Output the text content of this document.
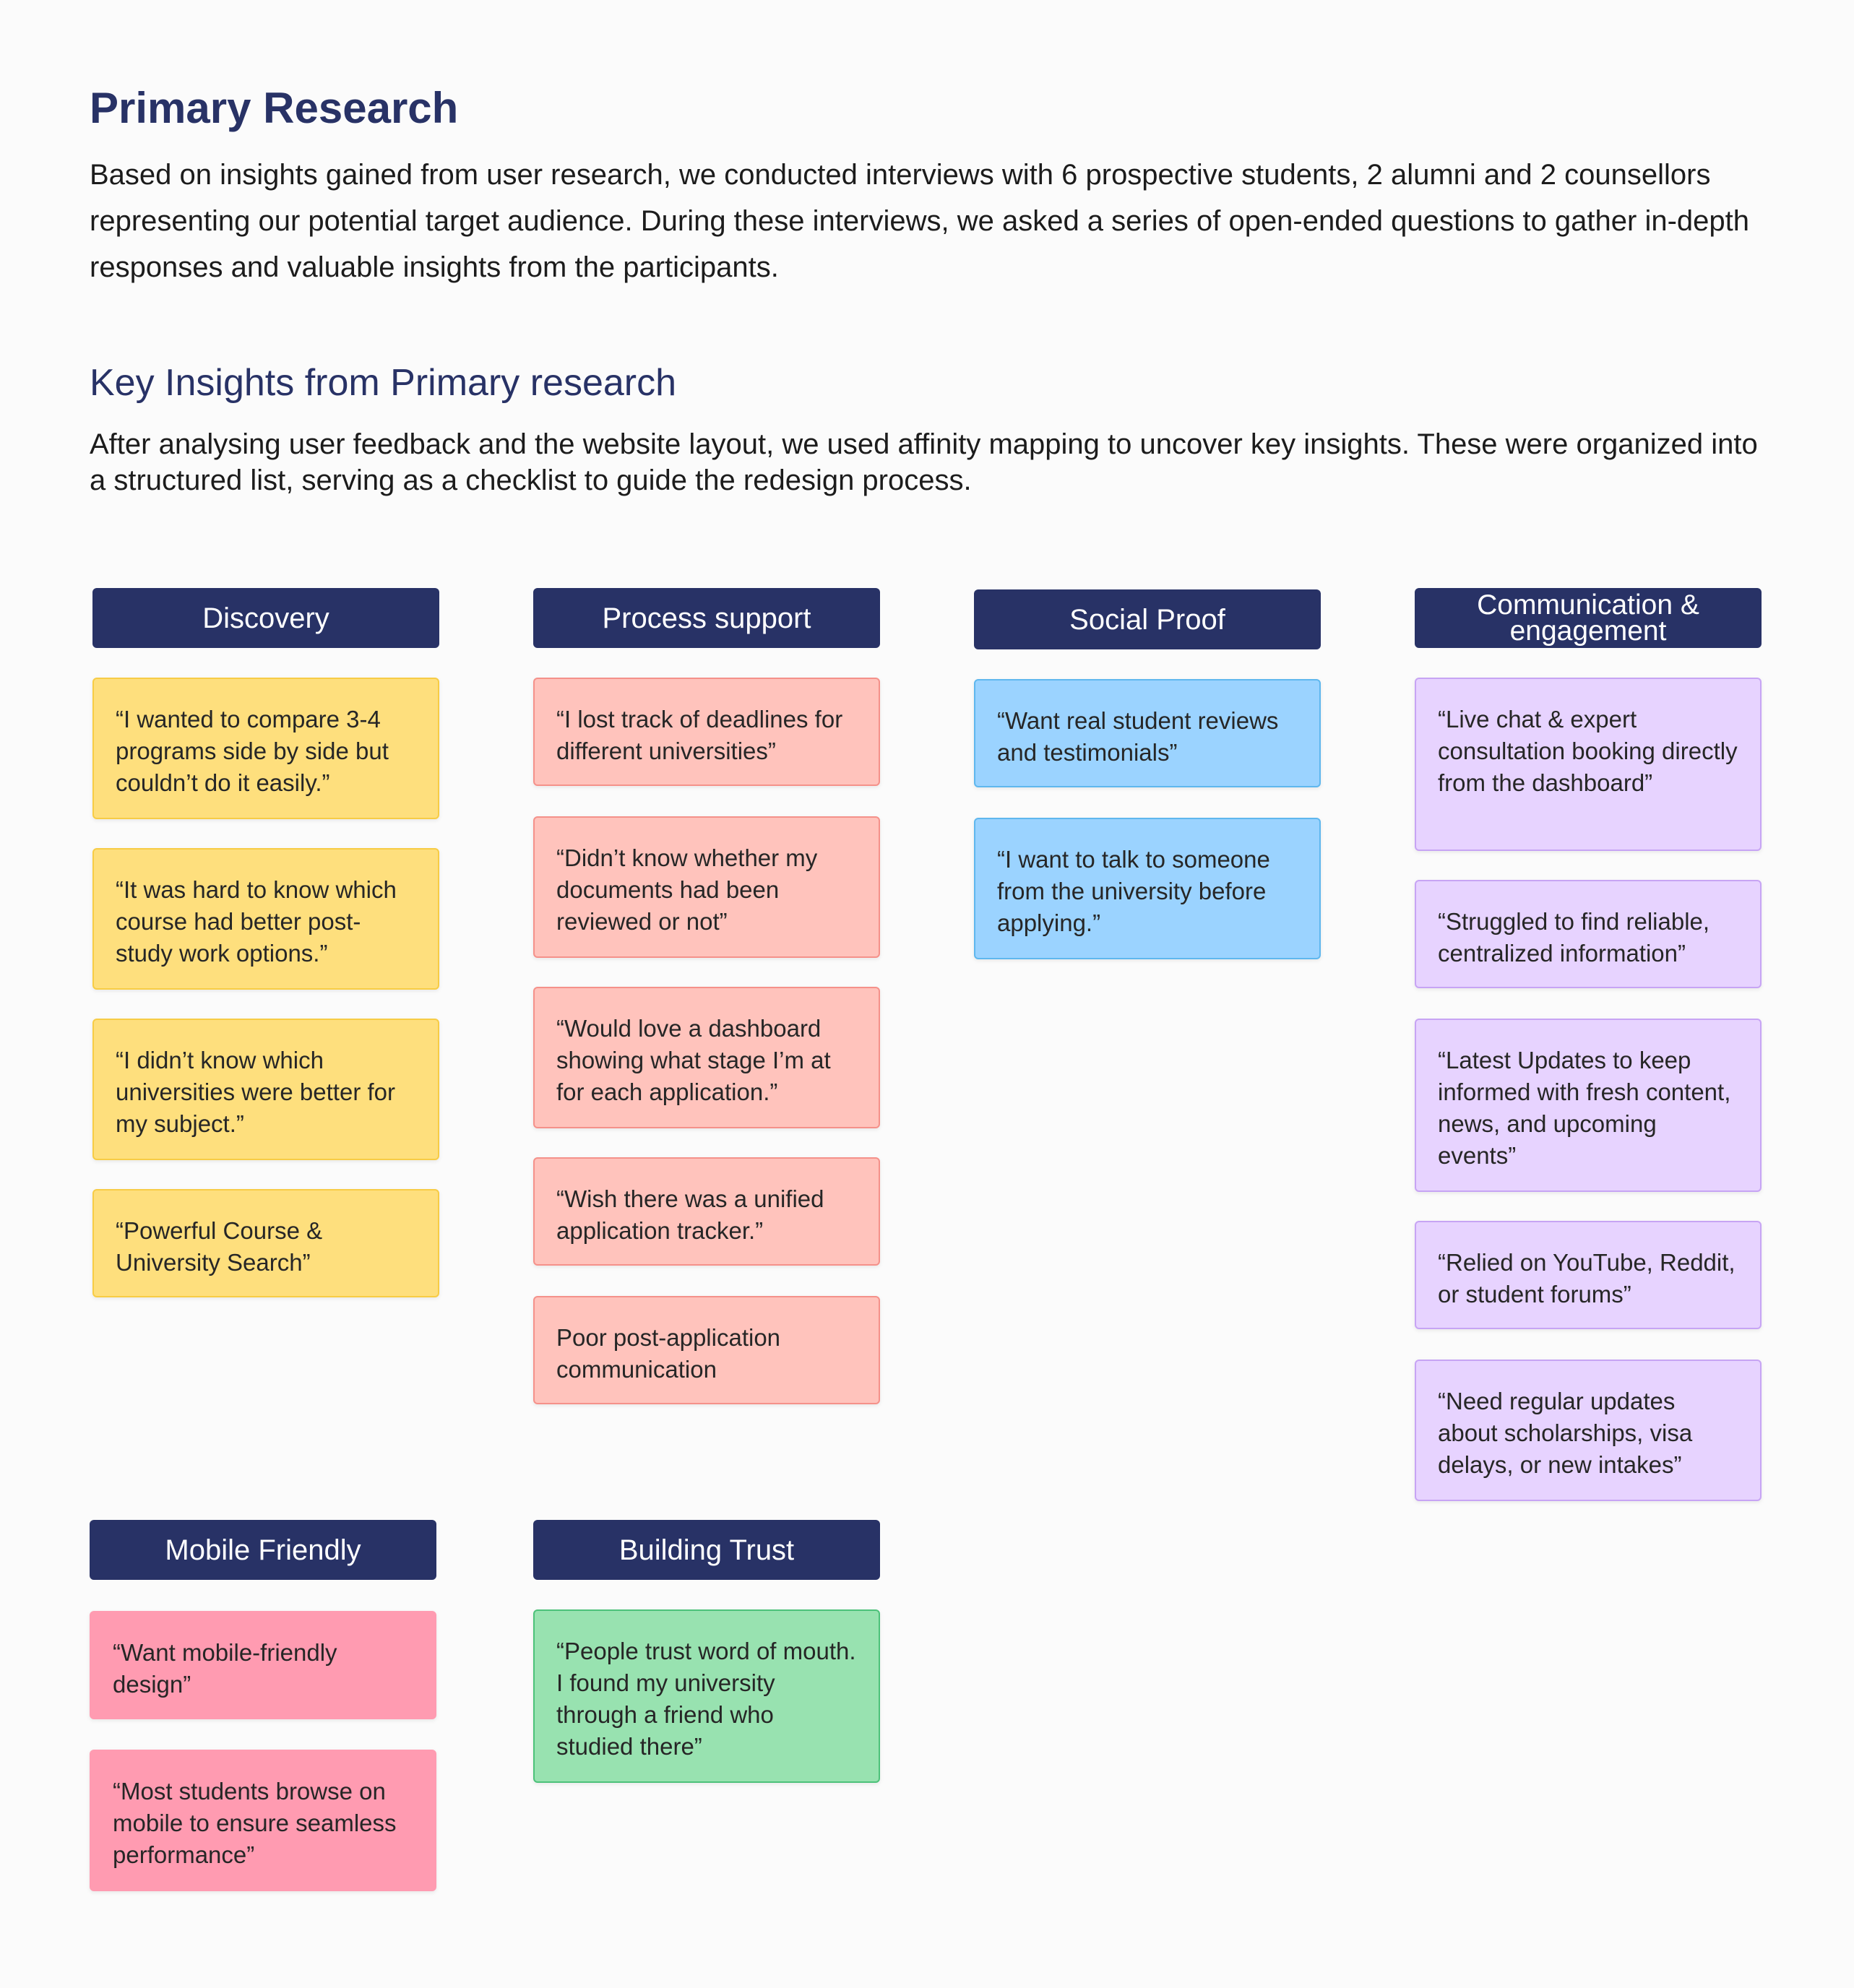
Primary Research
Based on insights gained from user research, we conducted interviews with 6 prospective students, 2 alumni and 2 counsellors representing our potential target audience. During these interviews, we asked a series of open-ended questions to gather in-depth responses and valuable insights from the participants.
Key Insights from Primary research
After analysing user feedback and the website layout, we used affinity mapping to uncover key insights. These were organized into a structured list, serving as a checklist to guide the redesign process.
Discovery
“I wanted to compare 3-4 programs side by side but couldn’t do it easily.”
“It was hard to know which course had better post-study work options.”
“I didn’t know which universities were better for my subject.”
“Powerful Course & University Search”
Process support
“I lost track of deadlines for different universities”
“Didn’t know whether my documents had been reviewed or not”
“Would love a dashboard showing what stage I’m at for each application.”
“Wish there was a unified application tracker.”
Poor post-application communication
Social Proof
“Want real student reviews and testimonials”
“I want to talk to someone from the university before applying.”
Communication & engagement
“Live chat & expert consultation booking directly from the dashboard”
“Struggled to find reliable, centralized information”
“Latest Updates to keep informed with fresh content, news, and upcoming events”
“Relied on YouTube, Reddit, or student forums”
“Need regular updates about scholarships, visa delays, or new intakes”
Mobile Friendly
“Want mobile-friendly design”
“Most students browse on mobile to ensure seamless performance”
Building Trust
“People trust word of mouth. I found my university through a friend who studied there”
